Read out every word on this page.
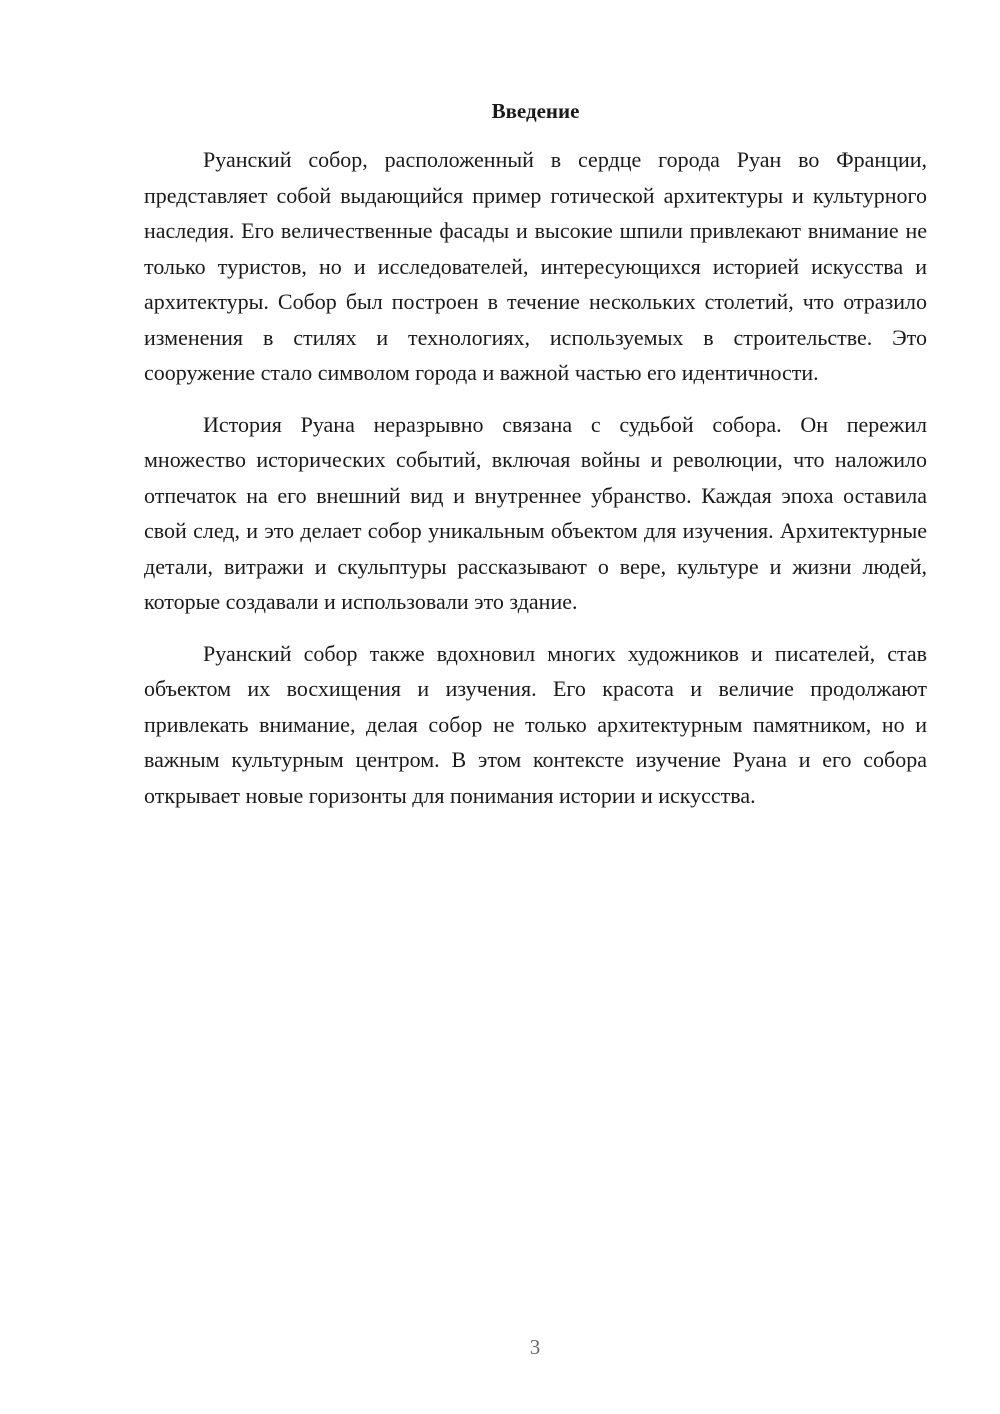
Введение

Руанский собор, расположенный в сердце города Руан во Франции, представляет собой выдающийся пример готической архитектуры и культурного наследия. Его величественные фасады и высокие шпили привлекают внимание не только туристов, но и исследователей, интересующихся историей искусства и архитектуры. Собор был построен в течение нескольких столетий, что отразило изменения в стилях и технологиях, используемых в строительстве. Это сооружение стало символом города и важной частью его идентичности.

История Руана неразрывно связана с судьбой собора. Он пережил множество исторических событий, включая войны и революции, что наложило отпечаток на его внешний вид и внутреннее убранство. Каждая эпоха оставила свой след, и это делает собор уникальным объектом для изучения. Архитектурные детали, витражи и скульптуры рассказывают о вере, культуре и жизни людей, которые создавали и использовали это здание.

Руанский собор также вдохновил многих художников и писателей, став объектом их восхищения и изучения. Его красота и величие продолжают привлекать внимание, делая собор не только архитектурным памятником, но и важным культурным центром. В этом контексте изучение Руана и его собора открывает новые горизонты для понимания истории и искусства.

3
